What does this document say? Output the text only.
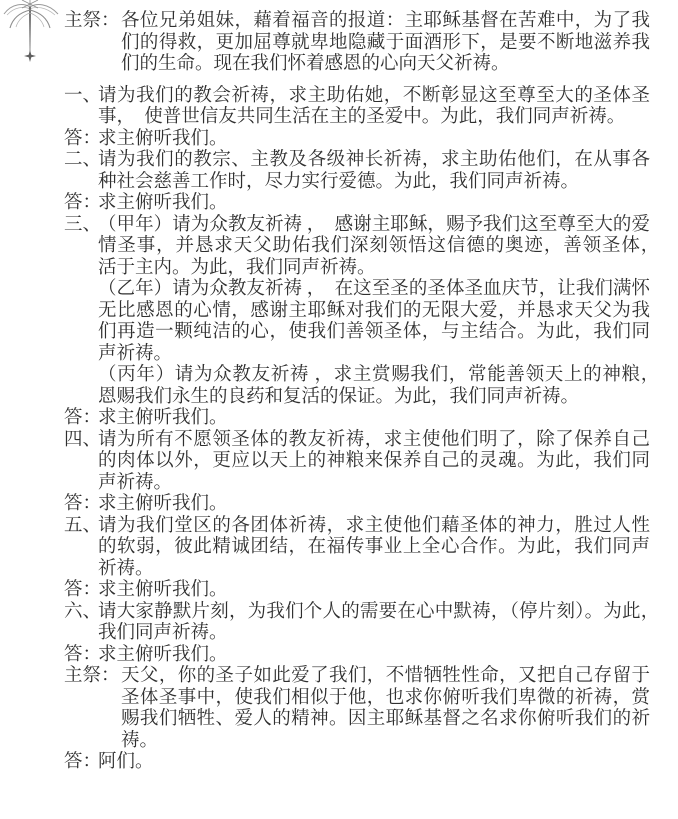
主祭： 各位兄弟姐妹，藉着福音的报道：主耶稣基督在苦难中，为了我们的得救，更加屈尊就卑地隐藏于面酒形下，是要不断地滋养我们的生命。现在我们怀着感恩的心向天父祈祷。

一、

请为我们的教会祈祷，求主助佑她，不断彰显这至尊至大的圣体圣事，　使普世信友共同生活在主的圣爱中。为此，我们同声祈祷。

答：

求主俯听我们。

二、

请为我们的教宗、主教及各级神长祈祷，求主助佑他们，在从事各种社会慈善工作时，尽力实行爱德。为此，我们同声祈祷。

答：

求主俯听我们。

三、

（甲年）请为众教友祈祷 ，　感谢主耶稣，赐予我们这至尊至大的爱情圣事，并恳求天父助佑我们深刻领悟这信德的奥迹，善领圣体，　活于主内。为此，我们同声祈祷。

（乙年）请为众教友祈祷 ，　在这至圣的圣体圣血庆节，让我们满怀无比感恩的心情，感谢主耶稣对我们的无限大爱，并恳求天父为我们再造一颗纯洁的心，使我们善领圣体，与主结合。为此，我们同声祈祷。

（丙年）请为众教友祈祷 ，求主赏赐我们，常能善领天上的神粮，　恩赐我们永生的良药和复活的保证。为此，我们同声祈祷。

答：

求主俯听我们。

四、

请为所有不愿领圣体的教友祈祷，求主使他们明了，除了保养自己的肉体以外，更应以天上的神粮来保养自己的灵魂。为此，我们同声祈祷。

答：

求主俯听我们。

五、

请为我们堂区的各团体祈祷，求主使他们藉圣体的神力，胜过人性的软弱，彼此精诚团结，在福传事业上全心合作。为此，我们同声祈祷。

答：

求主俯听我们。

六、

请大家静默片刻，为我们个人的需要在心中默祷，（停片刻）。为此，　我们同声祈祷。

答：

求主俯听我们。

主祭： 天父，你的圣子如此爱了我们，不惜牺牲性命，又把自己存留于圣体圣事中，使我们相似于他，也求你俯听我们卑微的祈祷，赏赐我们牺牲、爱人的精神。因主耶稣基督之名求你俯听我们的祈祷。

答：

阿们。
